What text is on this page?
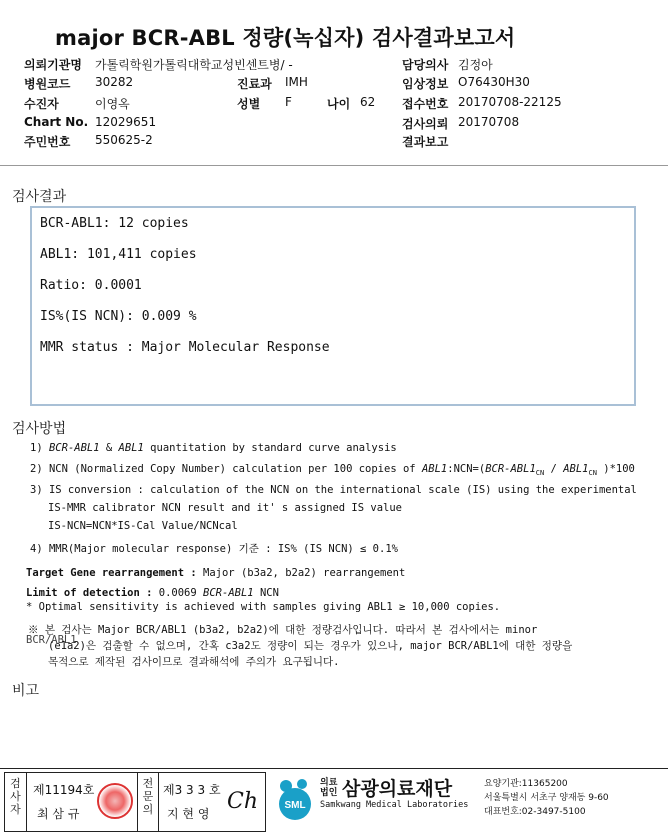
major BCR-ABL 정량(녹십자) 검사결과보고서
의뢰기관명 가톨릭학원가톨릭대학교성빈센트병/ -	담당의사 김정아
병원코드 30282	진료과 IMH	임상정보 O76430H30
수진자	이영옥	성별 F	나이 62 접수번호 20170708-22125
Chart No. 12029651	검사의뢰 20170708
주민번호 550625-2	결과보고
검사결과
BCR-ABL1: 12 copies
ABL1: 101,411 copies
Ratio: 0.0001
IS%(IS NCN): 0.009 %
MMR status : Major Molecular Response
검사방법
1) BCR-ABL1 & ABL1 quantitation by standard curve analysis
2) NCN (Normalized Copy Number) calculation per 100 copies of $ABL1:NCN=(BCR-ABL1_{CN} / ABL1_{CN}$ )*100
3) IS conversion : calculation of the NCN on the international scale (IS) using the experimental
IS-MMR calibrator NCN result and it' s assigned IS value
IS-NCN=NCN*IS-Cal Value/NCNcal
4) MMR(Major molecular response) 기준 : IS% (IS NCN) ≤ 0.1%
Target Gene rearrangement : Major (b3a2, b2a2) rearrangement
Limit of detection : 0.0069 BCR-ABL1 NCN
* Optimal sensitivity is achieved with samples giving ABL1 ≥ 10,000 copies.
※ 본 검사는 Major BCR/ABL1 (b3a2, b2a2)에 대한 정량검사입니다. 따라서 본 검사에서는 minor
BCR/ABL1
(e1a2)은 검출할 수 없으며, 간혹 c3a2도 정량이 되는 경우가 있으나, major BCR/ABL1에 대한 정량을
목적으로 제작된 검사이므로 결과해석에 주의가 요구됩니다.
비고
검사자
제11194호
최 삼 규
전문의
제3 3 3 호
지 현 영 Ch	SML
의료
법인 삼광의료재단
Samkwang Medical Laboratories
요양기관:11365200
서울특별시 서초구 양재동 9-60
대표번호:02-3497-5100
